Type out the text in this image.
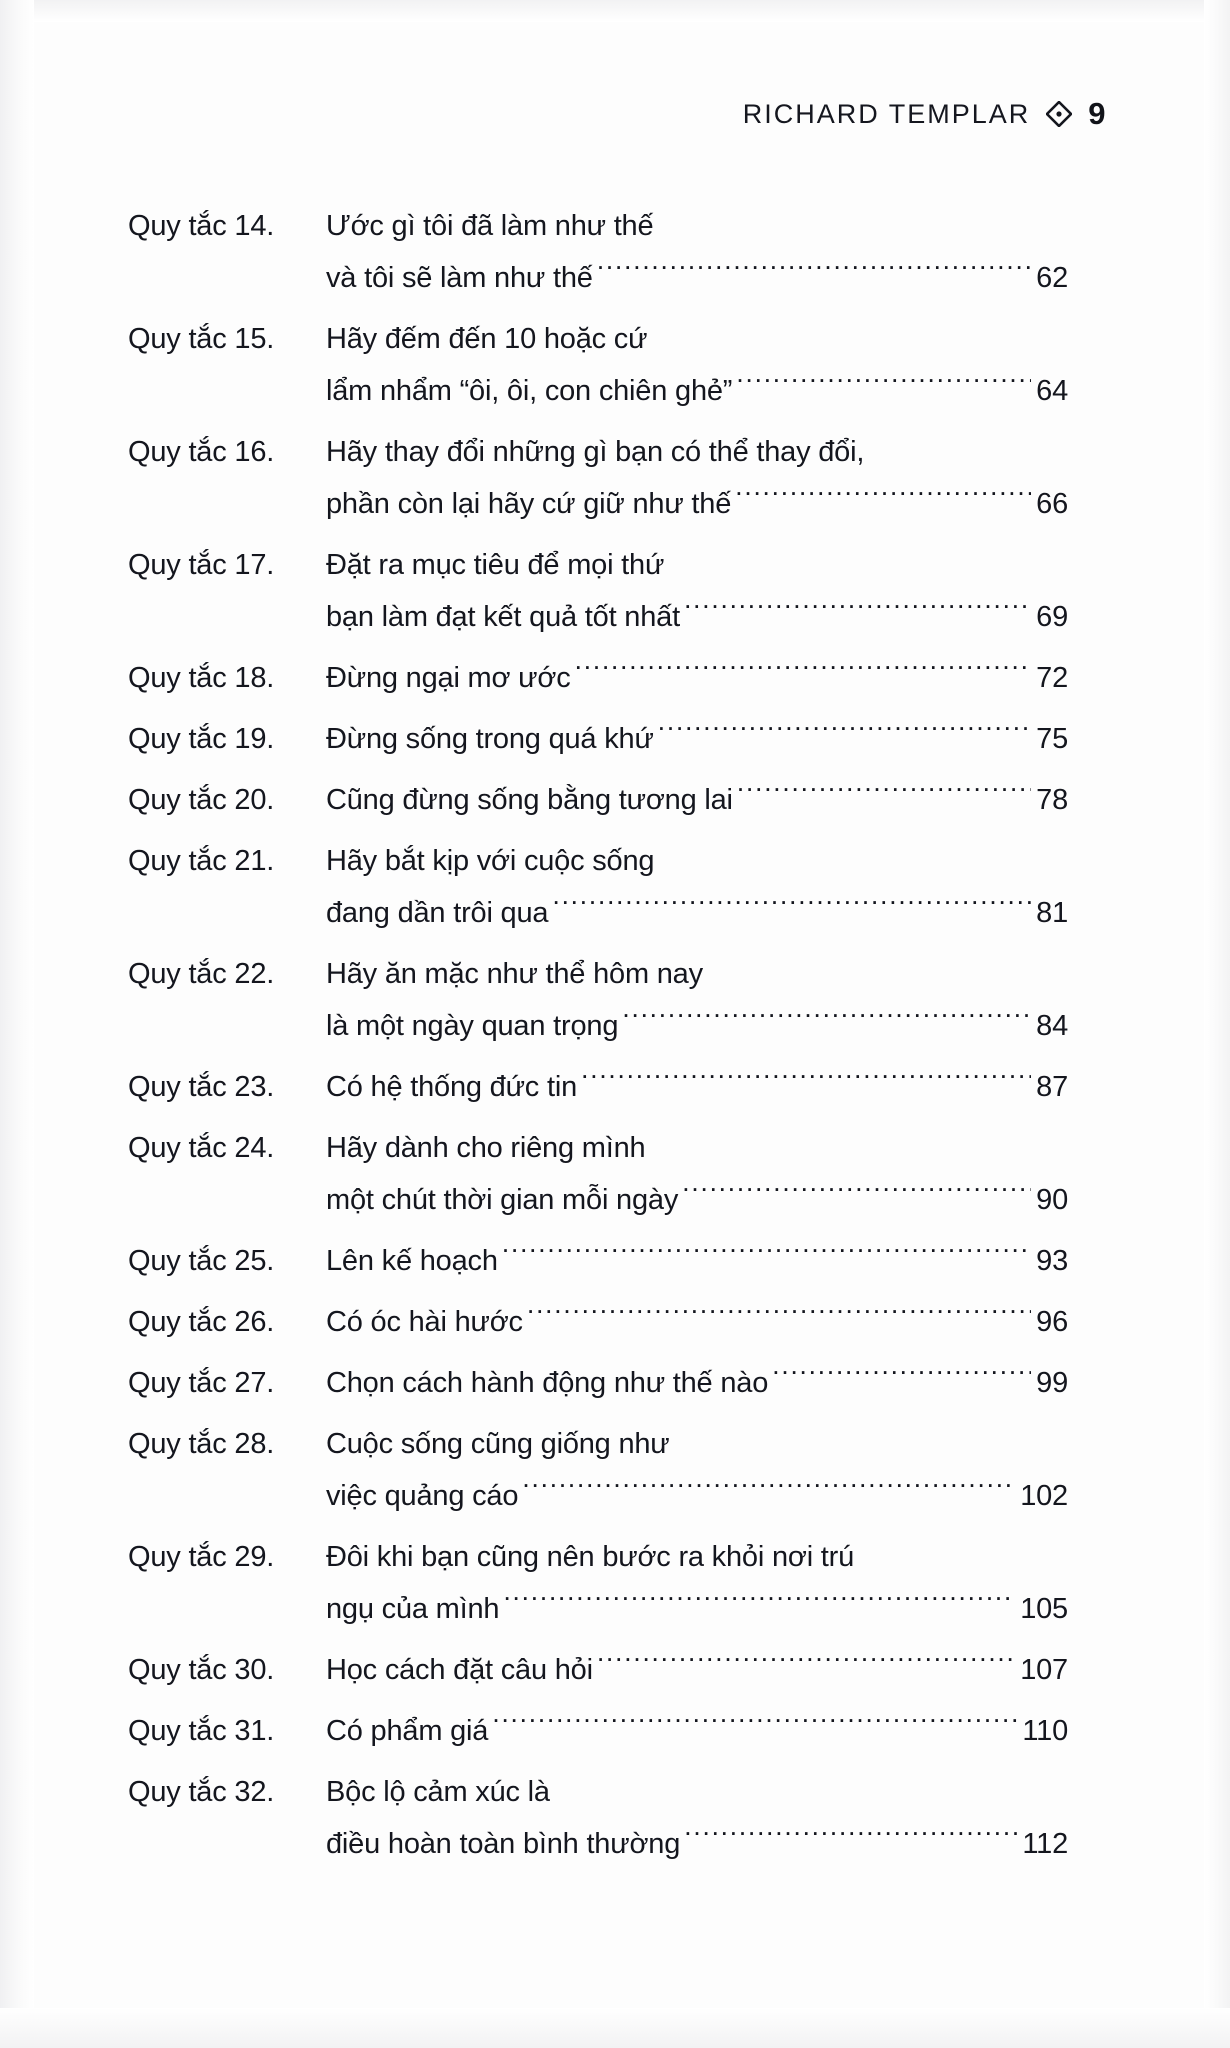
RICHARD TEMPLAR 9
Quy tắc 14.	Ước gì tôi đã làm như thế
và tôi sẽ làm như thế .....	62
Quy tắc 15.	Hãy đếm đến 10 hoặc cứ
lẩm nhẩm “ôi, ôi, con chiên ghẻ” .....	64
Quy tắc 16.	Hãy thay đổi những gì bạn có thể thay đổi,
phần còn lại hãy cứ giữ như thế .....	66
Quy tắc 17.	Đặt ra mục tiêu để mọi thứ
bạn làm đạt kết quả tốt nhất .....	69
Quy tắc 18.	Đừng ngại mơ ước .....	72
Quy tắc 19.	Đừng sống trong quá khứ .....	75
Quy tắc 20.	Cũng đừng sống bằng tương lai .....	78
Quy tắc 21.	Hãy bắt kịp với cuộc sống
đang dần trôi qua .....	81
Quy tắc 22.	Hãy ăn mặc như thể hôm nay
là một ngày quan trọng .....	84
Quy tắc 23.	Có hệ thống đức tin .....	87
Quy tắc 24.	Hãy dành cho riêng mình
một chút thời gian mỗi ngày .....	90
Quy tắc 25.	Lên kế hoạch .....	93
Quy tắc 26.	Có óc hài hước .....	96
Quy tắc 27.	Chọn cách hành động như thế nào .....	99
Quy tắc 28.	Cuộc sống cũng giống như
việc quảng cáo .....	102
Quy tắc 29.	Đôi khi bạn cũng nên bước ra khỏi nơi trú
ngụ của mình .....	105
Quy tắc 30.	Học cách đặt câu hỏi .....	107
Quy tắc 31.	Có phẩm giá .....	110
Quy tắc 32.	Bộc lộ cảm xúc là
điều hoàn toàn bình thường .....	112
